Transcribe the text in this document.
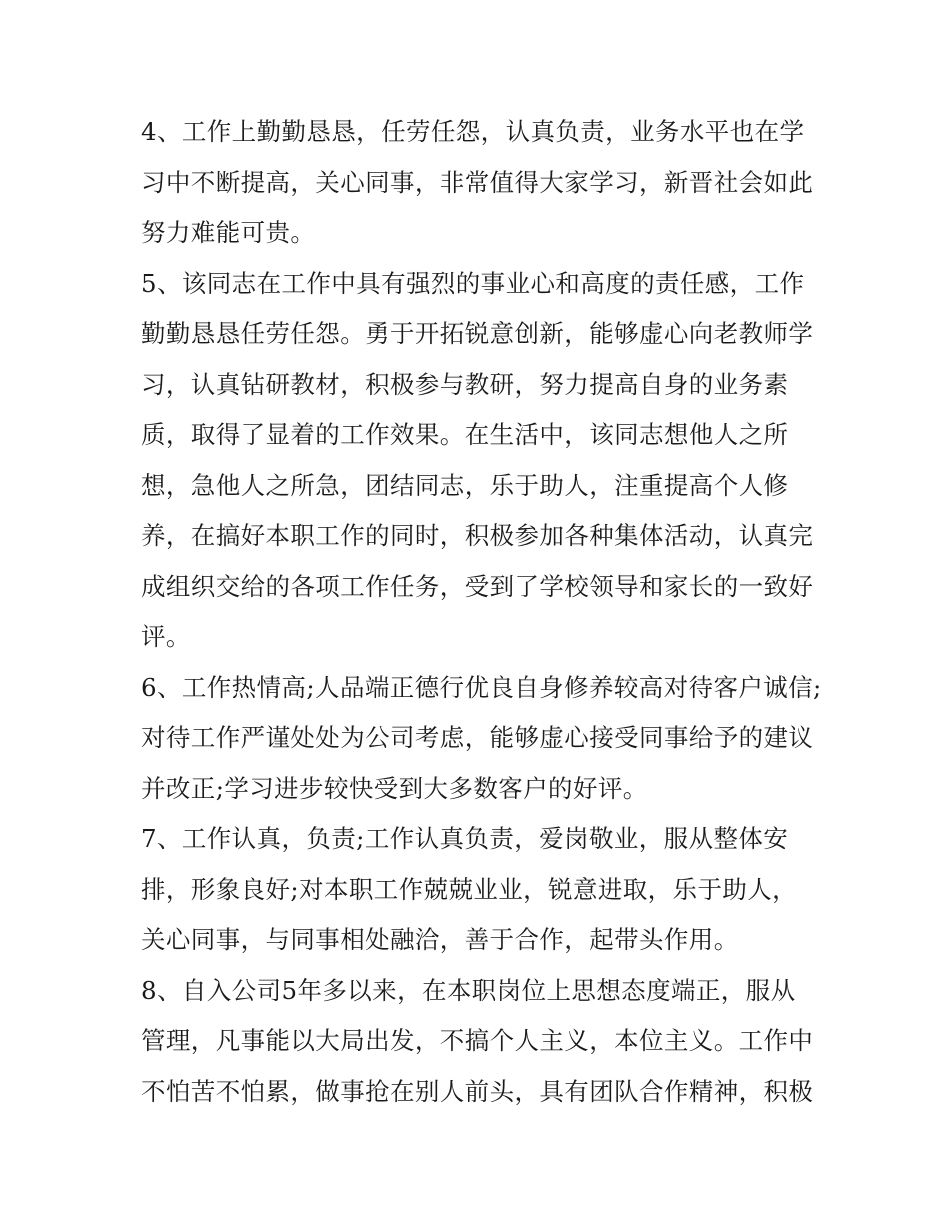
4、工作上勤勤恳恳，任劳任怨，认真负责，业务水平也在学
习中不断提高，关心同事，非常值得大家学习，新晋社会如此
努力难能可贵。
5、该同志在工作中具有强烈的事业心和高度的责任感，工作
勤勤恳恳任劳任怨。勇于开拓锐意创新，能够虚心向老教师学
习，认真钻研教材，积极参与教研，努力提高自身的业务素
质，取得了显着的工作效果。在生活中，该同志想他人之所
想，急他人之所急，团结同志，乐于助人，注重提高个人修
养，在搞好本职工作的同时，积极参加各种集体活动，认真完
成组织交给的各项工作任务，受到了学校领导和家长的一致好
评。
6、工作热情高;人品端正德行优良自身修养较高对待客户诚信;
对待工作严谨处处为公司考虑，能够虚心接受同事给予的建议
并改正;学习进步较快受到大多数客户的好评。
7、工作认真，负责;工作认真负责，爱岗敬业，服从整体安
排，形象良好;对本职工作兢兢业业，锐意进取，乐于助人，
关心同事，与同事相处融洽，善于合作，起带头作用。
8、自入公司5年多以来，在本职岗位上思想态度端正，服从
管理，凡事能以大局出发，不搞个人主义，本位主义。工作中
不怕苦不怕累，做事抢在别人前头，具有团队合作精神，积极
